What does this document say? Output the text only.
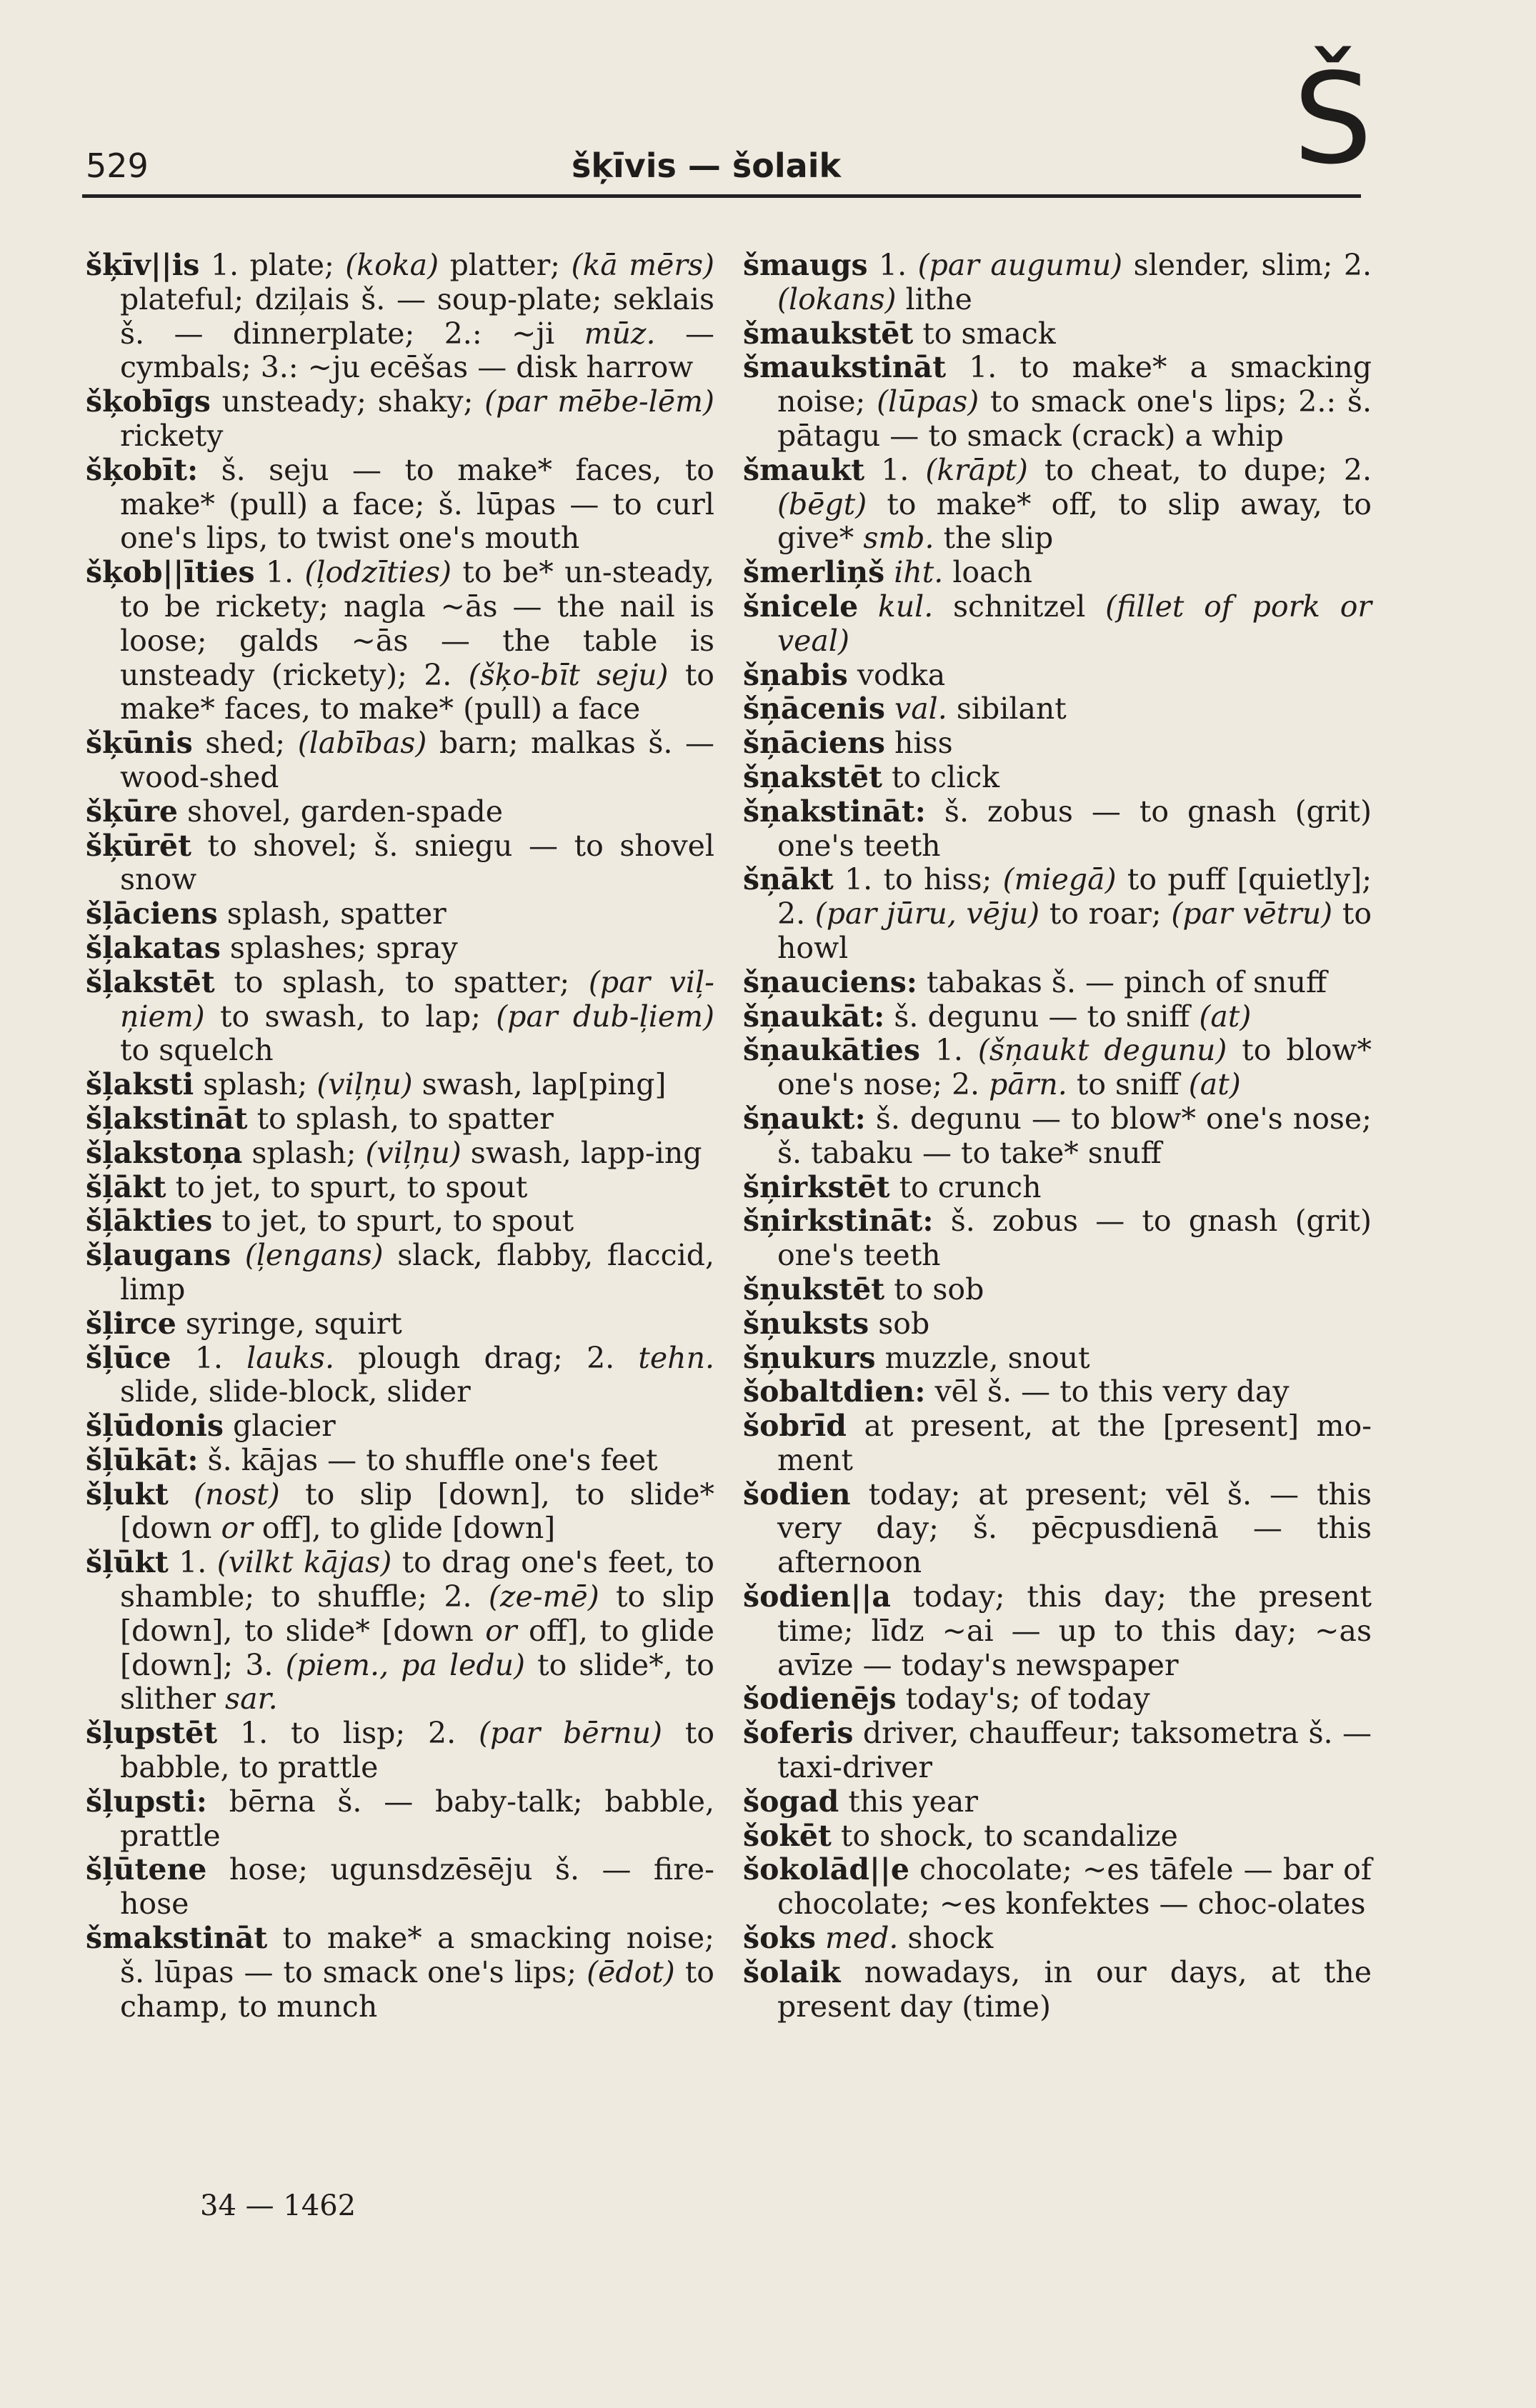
529	šķīvis — šolaik	Š

šķīv||is 1. plate; (koka) platter; (kā mērs) plateful; dziļais š. — soup-plate; seklais š. — dinnerplate; 2.: ~ji mūz. — cymbals; 3.: ~ju ecēšas — disk harrow

šķobīgs unsteady; shaky; (par mēbe-lēm) rickety

šķobīt: š. seju — to make* faces, to make* (pull) a face; š. lūpas — to curl one's lips, to twist one's mouth

šķob||īties 1. (ļodzīties) to be* un-steady, to be rickety; nagla ~ās — the nail is loose; galds ~ās — the table is unsteady (rickety); 2. (šķo-bīt seju) to make* faces, to make* (pull) a face

šķūnis shed; (labības) barn; malkas š. — wood-shed

šķūre shovel, garden-spade

šķūrēt to shovel; š. sniegu — to shovel snow

šļāciens splash, spatter

šļakatas splashes; spray

šļakstēt to splash, to spatter; (par viļ-ņiem) to swash, to lap; (par dub-ļiem) to squelch

šļaksti splash; (viļņu) swash, lap[ping]

šļakstināt to splash, to spatter

šļakstoņa splash; (viļņu) swash, lapp-ing

šļākt to jet, to spurt, to spout

šļākties to jet, to spurt, to spout

šļaugans (ļengans) slack, flabby, flaccid, limp

šļirce syringe, squirt

šļūce 1. lauks. plough drag; 2. tehn. slide, slide-block, slider

šļūdonis glacier

šļūkāt: š. kājas — to shuffle one's feet

šļukt (nost) to slip [down], to slide* [down or off], to glide [down]

šļūkt 1. (vilkt kājas) to drag one's feet, to shamble; to shuffle; 2. (ze-mē) to slip [down], to slide* [down or off], to glide [down]; 3. (piem., pa ledu) to slide*, to slither sar.

šļupstēt 1. to lisp; 2. (par bērnu) to babble, to prattle

šļupsti: bērna š. — baby-talk; babble, prattle

šļūtene hose; ugunsdzēsēju š. — fire-hose

šmakstināt to make* a smacking noise; š. lūpas — to smack one's lips; (ēdot) to champ, to munch

šmaugs 1. (par augumu) slender, slim; 2. (lokans) lithe

šmaukstēt to smack

šmaukstināt 1. to make* a smacking noise; (lūpas) to smack one's lips; 2.: š. pātagu — to smack (crack) a whip

šmaukt 1. (krāpt) to cheat, to dupe; 2. (bēgt) to make* off, to slip away, to give* smb. the slip

šmerliņš iht. loach

šnicele kul. schnitzel (fillet of pork or veal)

šņabis vodka

šņācenis val. sibilant

šņāciens hiss

šņakstēt to click

šņakstināt: š. zobus — to gnash (grit) one's teeth

šņākt 1. to hiss; (miegā) to puff [quietly]; 2. (par jūru, vēju) to roar; (par vētru) to howl

šņauciens: tabakas š. — pinch of snuff

šņaukāt: š. degunu — to sniff (at)

šņaukāties 1. (šņaukt degunu) to blow* one's nose; 2. pārn. to sniff (at)

šņaukt: š. degunu — to blow* one's nose; š. tabaku — to take* snuff

šņirkstēt to crunch

šņirkstināt: š. zobus — to gnash (grit) one's teeth

šņukstēt to sob

šņuksts sob

šņukurs muzzle, snout

šobaltdien: vēl š. — to this very day

šobrīd at present, at the [present] mo-ment

šodien today; at present; vēl š. — this very day; š. pēcpusdienā — this afternoon

šodien||a today; this day; the present time; līdz ~ai — up to this day; ~as avīze — today's newspaper

šodienējs today's; of today

šoferis driver, chauffeur; taksometra š. — taxi-driver

šogad this year

šokēt to shock, to scandalize

šokolād||e chocolate; ~es tāfele — bar of chocolate; ~es konfektes — choc-olates

šoks med. shock

šolaik nowadays, in our days, at the present day (time)

34 — 1462
